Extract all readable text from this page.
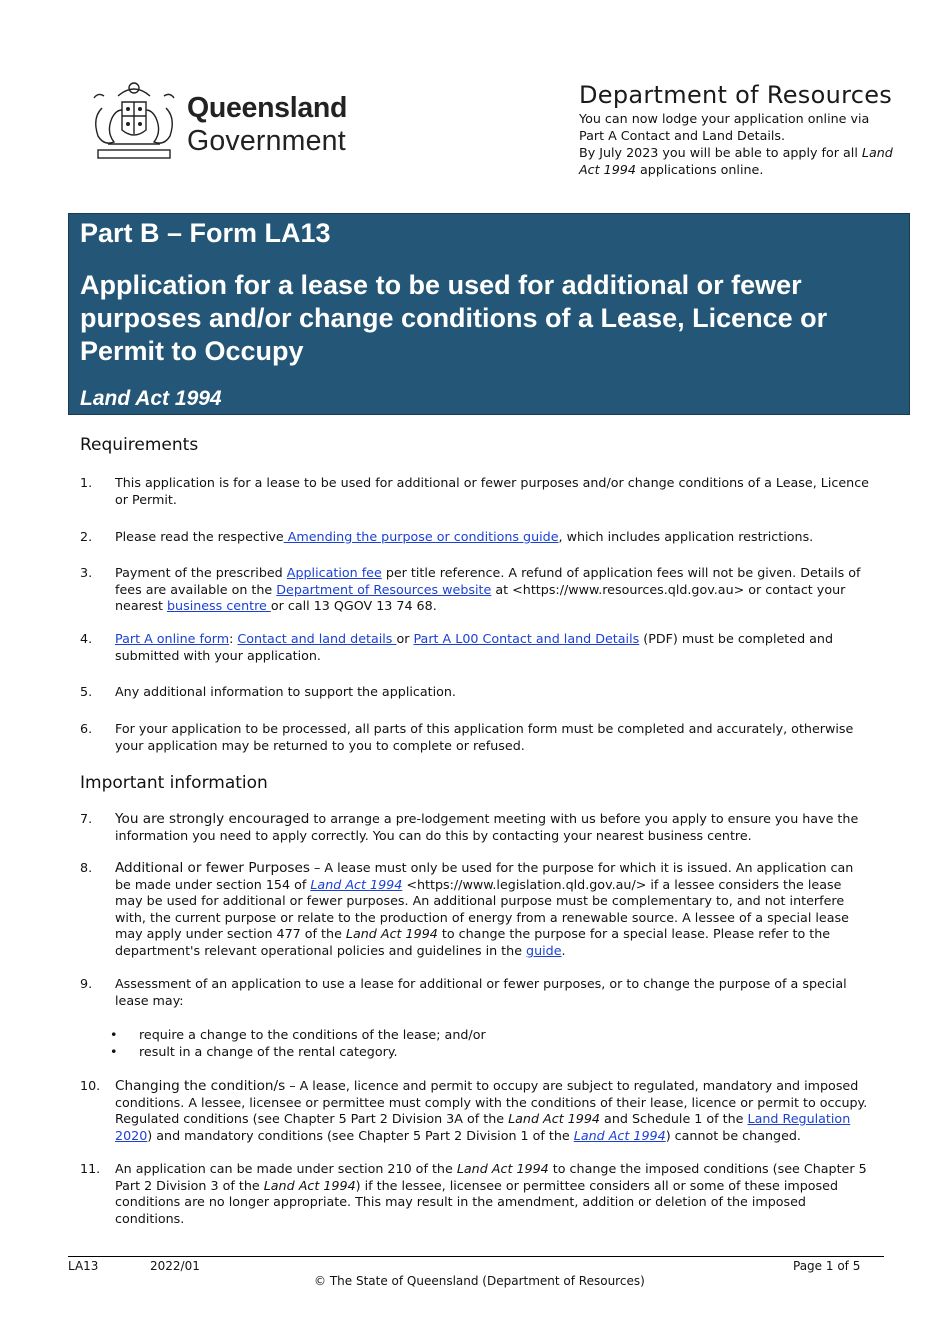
Queensland
Government
Department of Resources
You can now lodge your application online via
Part A Contact and Land Details.
By July 2023 you will be able to apply for all Land Act 1994 applications online.
Part B – Form LA13
Application for a lease to be used for additional or fewer purposes and/or change conditions of a Lease, Licence or Permit to Occupy
Land Act 1994
Requirements
1. This application is for a lease to be used for additional or fewer purposes and/or change conditions of a Lease, Licence or Permit.
2. Please read the respective Amending the purpose or conditions guide, which includes application restrictions.
3. Payment of the prescribed Application fee per title reference. A refund of application fees will not be given. Details of fees are available on the Department of Resources website at <https://www.resources.qld.gov.au> or contact your nearest business centre or call 13 QGOV 13 74 68.
4. Part A online form: Contact and land details or Part A L00 Contact and land Details (PDF) must be completed and submitted with your application.
5. Any additional information to support the application.
6. For your application to be processed, all parts of this application form must be completed and accurately, otherwise your application may be returned to you to complete or refused.
Important information
7. You are strongly encouraged to arrange a pre-lodgement meeting with us before you apply to ensure you have the information you need to apply correctly. You can do this by contacting your nearest business centre.
8. Additional or fewer Purposes – A lease must only be used for the purpose for which it is issued. An application can be made under section 154 of Land Act 1994 <https://www.legislation.qld.gov.au/> if a lessee considers the lease may be used for additional or fewer purposes. An additional purpose must be complementary to, and not interfere with, the current purpose or relate to the production of energy from a renewable source. A lessee of a special lease may apply under section 477 of the Land Act 1994 to change the purpose for a special lease. Please refer to the department's relevant operational policies and guidelines in the guide.
9. Assessment of an application to use a lease for additional or fewer purposes, or to change the purpose of a special lease may:
• require a change to the conditions of the lease; and/or
• result in a change of the rental category.
10. Changing the condition/s – A lease, licence and permit to occupy are subject to regulated, mandatory and imposed conditions. A lessee, licensee or permittee must comply with the conditions of their lease, licence or permit to occupy. Regulated conditions (see Chapter 5 Part 2 Division 3A of the Land Act 1994 and Schedule 1 of the Land Regulation 2020) and mandatory conditions (see Chapter 5 Part 2 Division 1 of the Land Act 1994) cannot be changed.
11. An application can be made under section 210 of the Land Act 1994 to change the imposed conditions (see Chapter 5 Part 2 Division 3 of the Land Act 1994) if the lessee, licensee or permittee considers all or some of these imposed conditions are no longer appropriate. This may result in the amendment, addition or deletion of the imposed conditions.
LA13	2022/01	Page 1 of 5
© The State of Queensland (Department of Resources)
